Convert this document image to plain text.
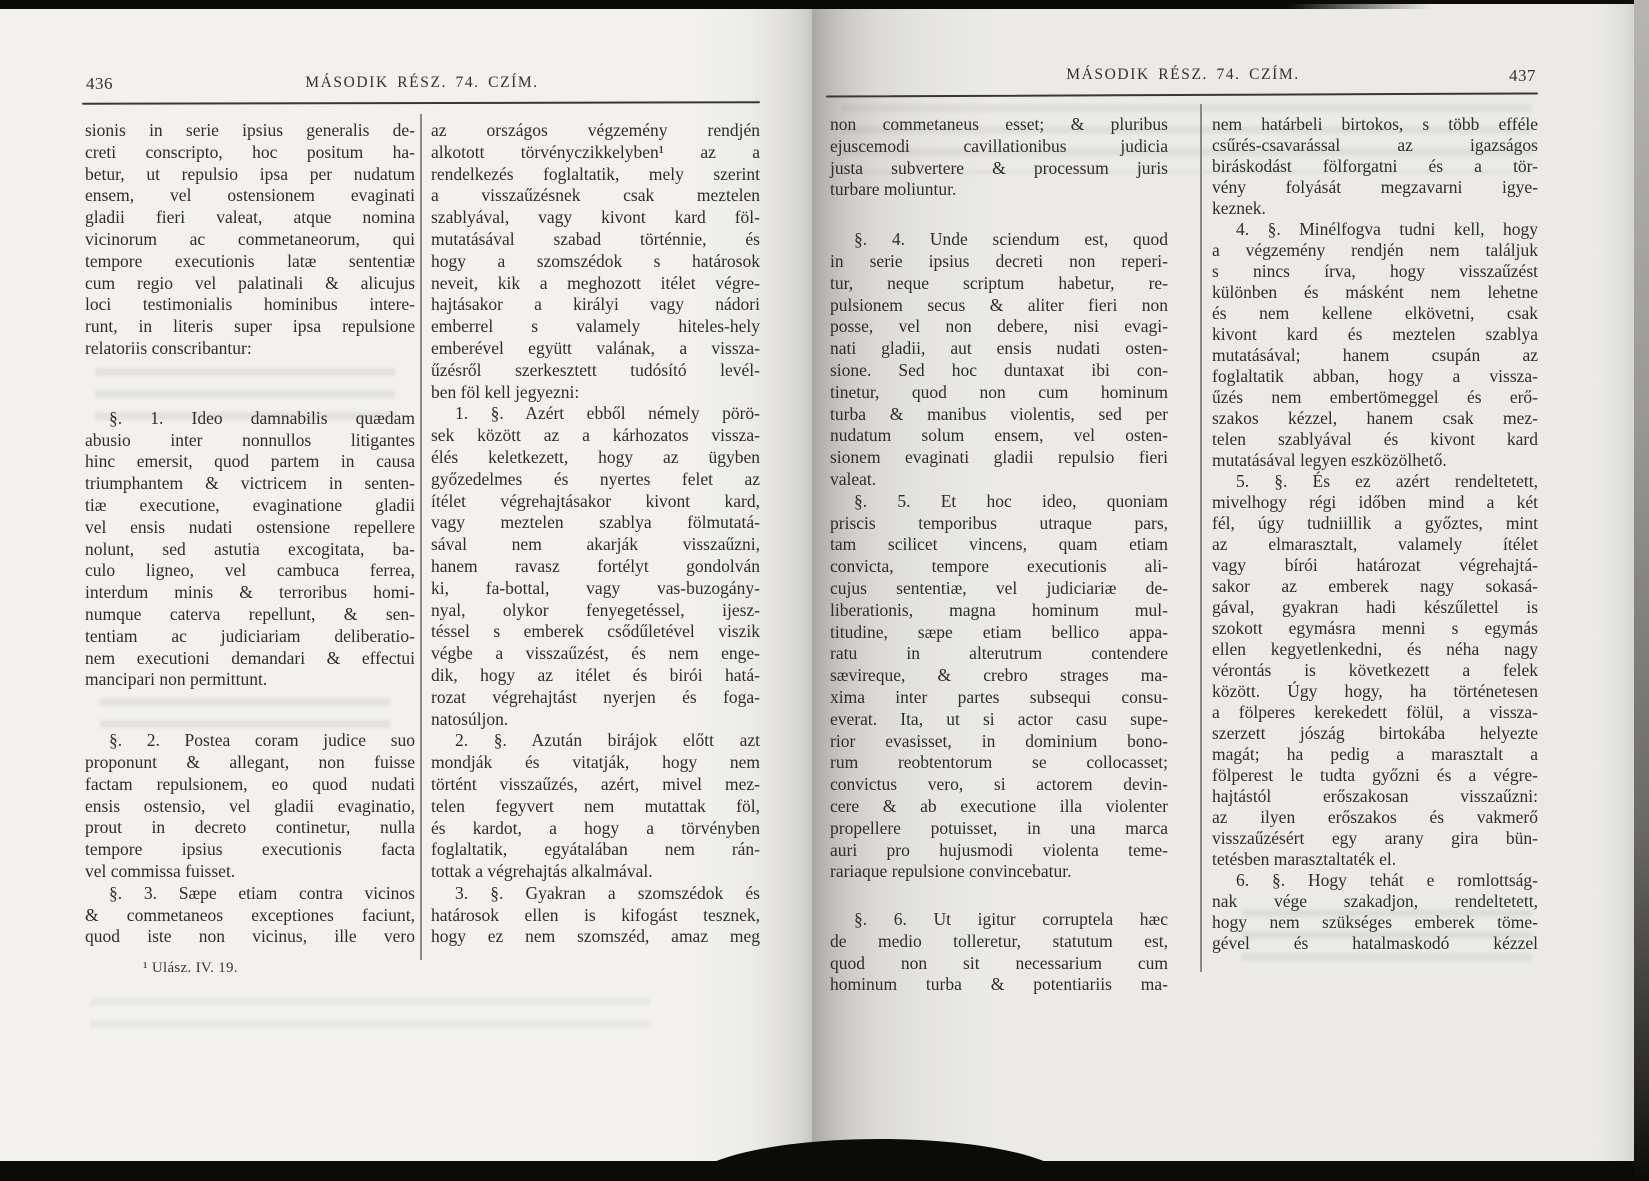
436	MÁSODIK RÉSZ. 74. CZÍM.
sionis in serie ipsius generalis de-
creti conscripto, hoc positum ha-
betur, ut repulsio ipsa per nudatum
ensem, vel ostensionem evaginati
gladii fieri valeat, atque nomina
vicinorum ac commetaneorum, qui
tempore executionis latæ sententiæ
cum regio vel palatinali & alicujus
loci testimonialis hominibus intere-
runt, in literis super ipsa repulsione
relatoriis conscribantur:
§. 1. Ideo damnabilis quædam
abusio inter nonnullos litigantes
hinc emersit, quod partem in causa
triumphantem & victricem in senten-
tiæ executione, evaginatione gladii
vel ensis nudati ostensione repellere
nolunt, sed astutia excogitata, ba-
culo ligneo, vel cambuca ferrea,
interdum minis & terroribus homi-
numque caterva repellunt, & sen-
tentiam ac judiciariam deliberatio-
nem executioni demandari & effectui
mancipari non permittunt.
§. 2. Postea coram judice suo
proponunt & allegant, non fuisse
factam repulsionem, eo quod nudati
ensis ostensio, vel gladii evaginatio,
prout in decreto continetur, nulla
tempore ipsius executionis facta
vel commissa fuisset.
§. 3. Sæpe etiam contra vicinos
& commetaneos exceptiones faciunt,
quod iste non vicinus, ille vero
az országos végzemény rendjén
alkotott törvényczikkelyben¹ az a
rendelkezés foglaltatik, mely szerint
a visszaűzésnek csak meztelen
szablyával, vagy kivont kard föl-
mutatásával szabad történnie, és
hogy a szomszédok s határosok
neveit, kik a meghozott itélet végre-
hajtásakor a királyi vagy nádori
emberrel s valamely hiteles-hely
emberével együtt valának, a vissza-
űzésről szerkesztett tudósító levél-
ben föl kell jegyezni:
1. §. Azért ebből némely pörö-
sek között az a kárhozatos vissza-
élés keletkezett, hogy az ügyben
győzedelmes és nyertes felet az
ítélet végrehajtásakor kivont kard,
vagy meztelen szablya fölmutatá-
sával nem akarják visszaűzni,
hanem ravasz fortélyt gondolván
ki, fa-bottal, vagy vas-buzogány-
nyal, olykor fenyegetéssel, ijesz-
téssel s emberek csődűletével viszik
végbe a visszaűzést, és nem enge-
dik, hogy az itélet és birói hatá-
rozat végrehajtást nyerjen és foga-
natosúljon.
2. §. Azután birájok előtt azt
mondják és vitatják, hogy nem
történt visszaűzés, azért, mivel mez-
telen fegyvert nem mutattak föl,
és kardot, a hogy a törvényben
foglaltatik, egyátalában nem rán-
tottak a végrehajtás alkalmával.
3. §. Gyakran a szomszédok és
határosok ellen is kifogást tesznek,
hogy ez nem szomszéd, amaz meg
¹ Ulász. IV. 19.
MÁSODIK RÉSZ. 74. CZÍM.	437
non commetaneus esset; & pluribus
ejuscemodi cavillationibus judicia
justa subvertere & processum juris
turbare moliuntur.
§. 4. Unde sciendum est, quod
in serie ipsius decreti non reperi-
tur, neque scriptum habetur, re-
pulsionem secus & aliter fieri non
posse, vel non debere, nisi evagi-
nati gladii, aut ensis nudati osten-
sione. Sed hoc duntaxat ibi con-
tinetur, quod non cum hominum
turba & manibus violentis, sed per
nudatum solum ensem, vel osten-
sionem evaginati gladii repulsio fieri
valeat.
§. 5. Et hoc ideo, quoniam
priscis temporibus utraque pars,
tam scilicet vincens, quam etiam
convicta, tempore executionis ali-
cujus sententiæ, vel judiciariæ de-
liberationis, magna hominum mul-
titudine, sæpe etiam bellico appa-
ratu in alterutrum contendere
sævireque, & crebro strages ma-
xima inter partes subsequi consu-
everat. Ita, ut si actor casu supe-
rior evasisset, in dominium bono-
rum reobtentorum se collocasset;
convictus vero, si actorem devin-
cere & ab executione illa violenter
propellere potuisset, in una marca
auri pro hujusmodi violenta teme-
rariaque repulsione convincebatur.
§. 6. Ut igitur corruptela hæc
de medio tolleretur, statutum est,
quod non sit necessarium cum
hominum turba & potentiariis ma-
nem határbeli birtokos, s több efféle
csűrés-csavarással az igazságos
biráskodást fölforgatni és a tör-
vény folyását megzavarni igye-
keznek.
4. §. Minélfogva tudni kell, hogy
a végzemény rendjén nem találjuk
s nincs írva, hogy visszaűzést
különben és másként nem lehetne
és nem kellene elkövetni, csak
kivont kard és meztelen szablya
mutatásával; hanem csupán az
foglaltatik abban, hogy a vissza-
űzés nem embertömeggel és erő-
szakos kézzel, hanem csak mez-
telen szablyával és kivont kard
mutatásával legyen eszközölhető.
5. §. És ez azért rendeltetett,
mivelhogy régi időben mind a két
fél, úgy tudniillik a győztes, mint
az elmarasztalt, valamely ítélet
vagy bírói határozat végrehajtá-
sakor az emberek nagy sokasá-
gával, gyakran hadi készűlettel is
szokott egymásra menni s egymás
ellen kegyetlenkedni, és néha nagy
vérontás is következett a felek
között. Úgy hogy, ha történetesen
a fölperes kerekedett fölül, a vissza-
szerzett jószág birtokába helyezte
magát; ha pedig a marasztalt a
fölperest le tudta győzni és a végre-
hajtástól erőszakosan visszaűzni:
az ilyen erőszakos és vakmerő
visszaűzésért egy arany gira bün-
tetésben marasztaltaték el.
6. §. Hogy tehát e romlottság-
nak vége szakadjon, rendeltetett,
hogy nem szükséges emberek töme-
gével és hatalmaskodó kézzel
